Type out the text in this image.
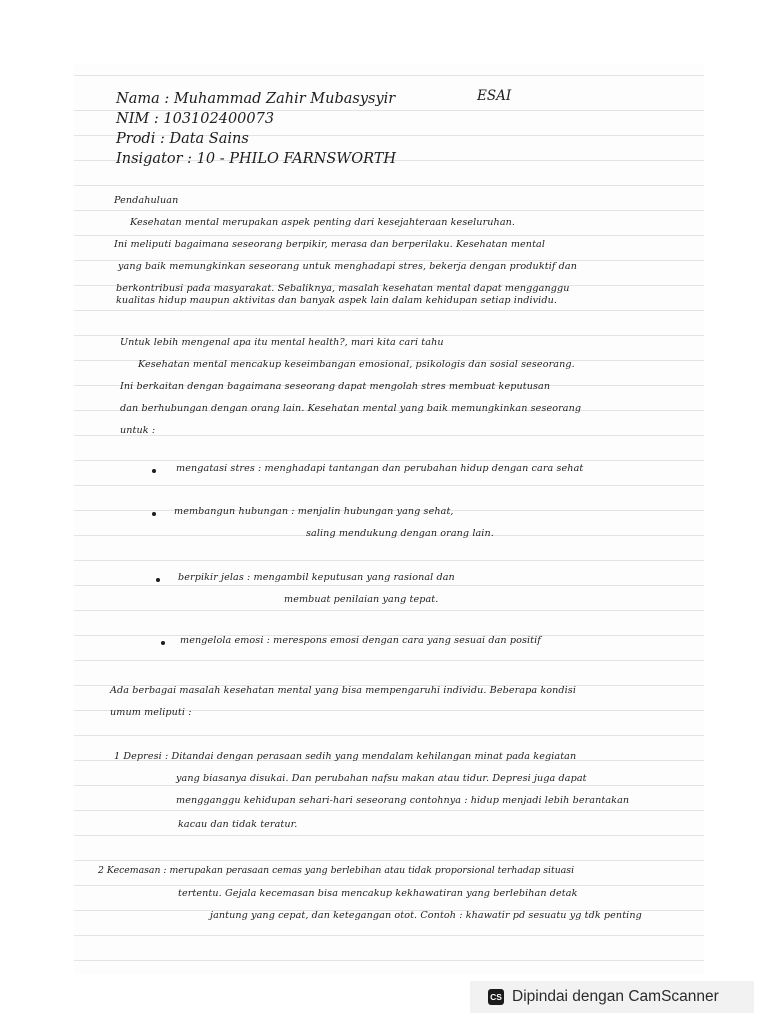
Nama : Muhammad Zahir Mubasysyir

NIM : 103102400073

Prodi : Data Sains

Insigator : 10 - PHILO FARNSWORTH

ESAI

Pendahuluan

Kesehatan mental merupakan aspek penting dari kesejahteraan keseluruhan.

Ini meliputi bagaimana seseorang berpikir, merasa dan berperilaku. Kesehatan mental

yang baik memungkinkan seseorang untuk menghadapi stres, bekerja dengan produktif dan

berkontribusi pada masyarakat. Sebaliknya, masalah kesehatan mental dapat mengganggu

kualitas hidup maupun aktivitas dan banyak aspek lain dalam kehidupan setiap individu.

Untuk lebih mengenal apa itu mental health?, mari kita cari tahu

Kesehatan mental mencakup keseimbangan emosional, psikologis dan sosial seseorang.

Ini berkaitan dengan bagaimana seseorang dapat mengolah stres membuat keputusan

dan berhubungan dengan orang lain. Kesehatan mental yang baik memungkinkan seseorang

untuk :

mengatasi stres : menghadapi tantangan dan perubahan hidup dengan cara sehat

membangun hubungan : menjalin hubungan yang sehat,

saling mendukung dengan orang lain.

berpikir jelas : mengambil keputusan yang rasional dan

membuat penilaian yang tepat.

mengelola emosi : merespons emosi dengan cara yang sesuai dan positif

Ada berbagai masalah kesehatan mental yang bisa mempengaruhi individu. Beberapa kondisi

umum meliputi :

1 Depresi : Ditandai dengan perasaan sedih yang mendalam kehilangan minat pada kegiatan

yang biasanya disukai. Dan perubahan nafsu makan atau tidur. Depresi juga dapat

mengganggu kehidupan sehari-hari seseorang contohnya : hidup menjadi lebih berantakan

kacau dan tidak teratur.

2 Kecemasan : merupakan perasaan cemas yang berlebihan atau tidak proporsional terhadap situasi

tertentu. Gejala kecemasan bisa mencakup kekhawatiran yang berlebihan detak

jantung yang cepat, dan ketegangan otot. Contoh : khawatir pd sesuatu yg tdk penting

CS Dipindai dengan CamScanner
